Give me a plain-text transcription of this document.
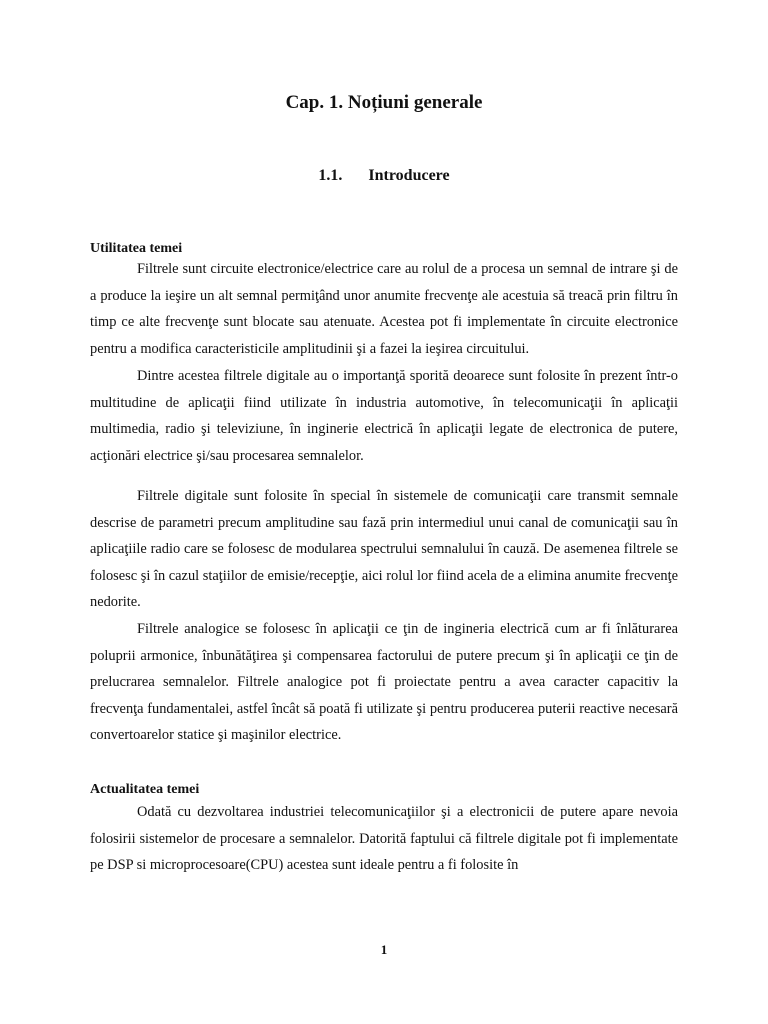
Cap. 1. Noțiuni generale
1.1. Introducere
Utilitatea temei

Filtrele sunt circuite electronice/electrice care au rolul de a procesa un semnal de intrare şi de a produce la ieşire un alt semnal permiţând unor anumite frecvenţe ale acestuia să treacă prin filtru în timp ce alte frecvenţe sunt blocate sau atenuate. Acestea pot fi implementate în circuite electronice pentru a modifica caracteristicile amplitudinii şi a fazei la ieşirea circuitului.

Dintre acestea filtrele digitale au o importanţă sporită deoarece sunt folosite în prezent într-o multitudine de aplicaţii fiind utilizate în industria automotive, în telecomunicaţii în aplicaţii multimedia, radio şi televiziune, în inginerie electrică în aplicaţii legate de electronica de putere, acţionări electrice şi/sau procesarea semnalelor.

Filtrele digitale sunt folosite în special în sistemele de comunicaţii care transmit semnale descrise de parametri precum amplitudine sau fază prin intermediul unui canal de comunicaţii sau în aplicaţiile radio care se folosesc de modularea spectrului semnalului în cauză. De asemenea filtrele se folosesc şi în cazul staţiilor de emisie/recepţie, aici rolul lor fiind acela de a elimina anumite frecvenţe nedorite.

Filtrele analogice se folosesc în aplicaţii ce ţin de ingineria electrică cum ar fi înlăturarea poluprii armonice, înbunătăţirea şi compensarea factorului de putere precum şi în aplicaţii ce ţin de prelucrarea semnalelor. Filtrele analogice pot fi proiectate pentru a avea caracter capacitiv la frecvenţa fundamentalei, astfel încât să poată fi utilizate şi pentru producerea puterii reactive necesară convertoarelor statice şi maşinilor electrice.

Actualitatea temei

Odată cu dezvoltarea industriei telecomunicaţiilor şi a electronicii de putere apare nevoia folosirii sistemelor de procesare a semnalelor. Datorită faptului că filtrele digitale pot fi implementate pe DSP si microprocesoare(CPU) acestea sunt ideale pentru a fi folosite în

1
